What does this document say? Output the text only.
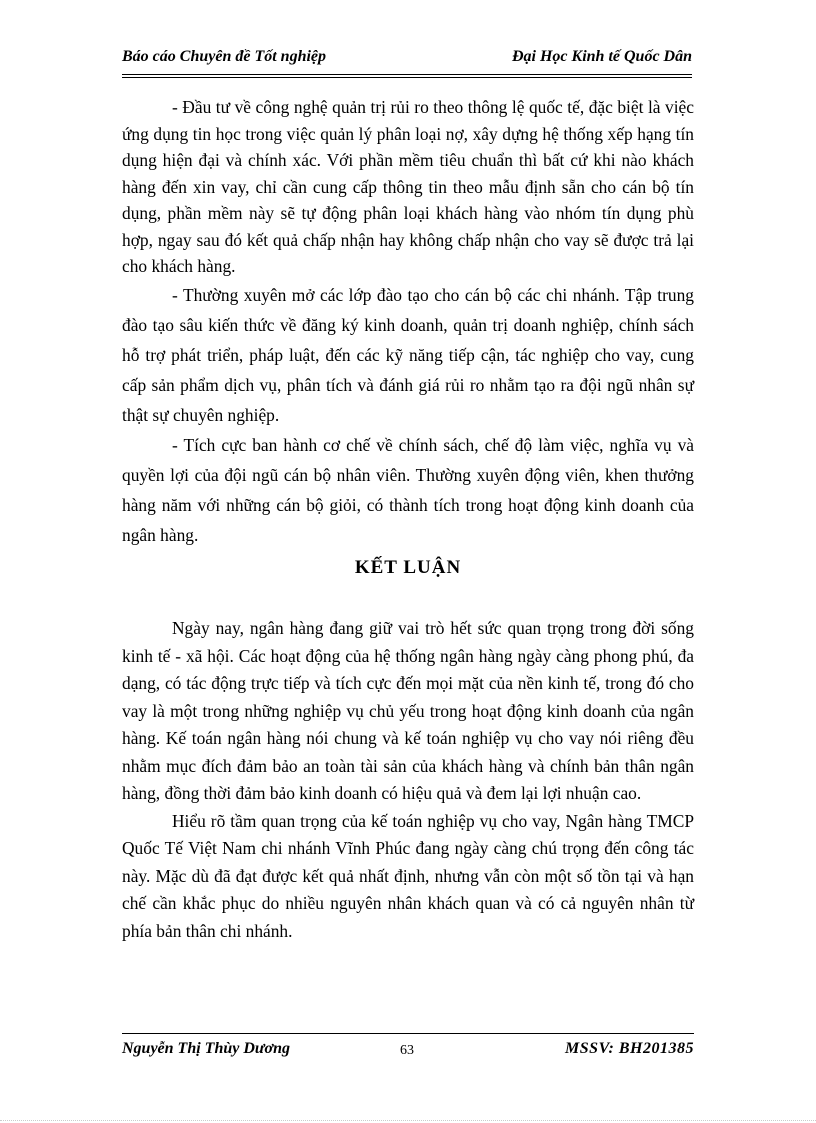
Báo cáo Chuyên đề Tốt nghiệp	Đại Học Kinh tế Quốc Dân

- Đầu tư về công nghệ quản trị rủi ro theo thông lệ quốc tế, đặc biệt là việc ứng dụng tin học trong việc quản lý phân loại nợ, xây dựng hệ thống xếp hạng tín dụng hiện đại và chính xác. Với phần mềm tiêu chuẩn thì bất cứ khi nào khách hàng đến xin vay, chỉ cần cung cấp thông tin theo mẫu định sẵn cho cán bộ tín dụng, phần mềm này sẽ tự động phân loại khách hàng vào nhóm tín dụng phù hợp, ngay sau đó kết quả chấp nhận hay không chấp nhận cho vay sẽ được trả lại cho khách hàng.

- Thường xuyên mở các lớp đào tạo cho cán bộ các chi nhánh. Tập trung đào tạo sâu kiến thức về đăng ký kinh doanh, quản trị doanh nghiệp, chính sách hỗ trợ phát triển, pháp luật, đến các kỹ năng tiếp cận, tác nghiệp cho vay, cung cấp sản phẩm dịch vụ, phân tích và đánh giá rủi ro nhằm tạo ra đội ngũ nhân sự thật sự chuyên nghiệp.

- Tích cực ban hành cơ chế về chính sách, chế độ làm việc, nghĩa vụ và quyền lợi của đội ngũ cán bộ nhân viên. Thường xuyên động viên, khen thưởng hàng năm với những cán bộ giỏi, có thành tích trong hoạt động kinh doanh của ngân hàng.

KẾT LUẬN

Ngày nay, ngân hàng đang giữ vai trò hết sức quan trọng trong đời sống kinh tế - xã hội. Các hoạt động của hệ thống ngân hàng ngày càng phong phú, đa dạng, có tác động trực tiếp và tích cực đến mọi mặt của nền kinh tế, trong đó cho vay là một trong những nghiệp vụ chủ yếu trong hoạt động kinh doanh của ngân hàng. Kế toán ngân hàng nói chung và kế toán nghiệp vụ cho vay nói riêng đều nhằm mục đích đảm bảo an toàn tài sản của khách hàng và chính bản thân ngân hàng, đồng thời đảm bảo kinh doanh có hiệu quả và đem lại lợi nhuận cao.

Hiểu rõ tầm quan trọng của kế toán nghiệp vụ cho vay, Ngân hàng TMCP Quốc Tế Việt Nam chi nhánh Vĩnh Phúc đang ngày càng chú trọng đến công tác này. Mặc dù đã đạt được kết quả nhất định, nhưng vẫn còn một số tồn tại và hạn chế cần khắc phục do nhiều nguyên nhân khách quan và có cả nguyên nhân từ phía bản thân chi nhánh.

Nguyễn Thị Thùy Dương	63	MSSV: BH201385
